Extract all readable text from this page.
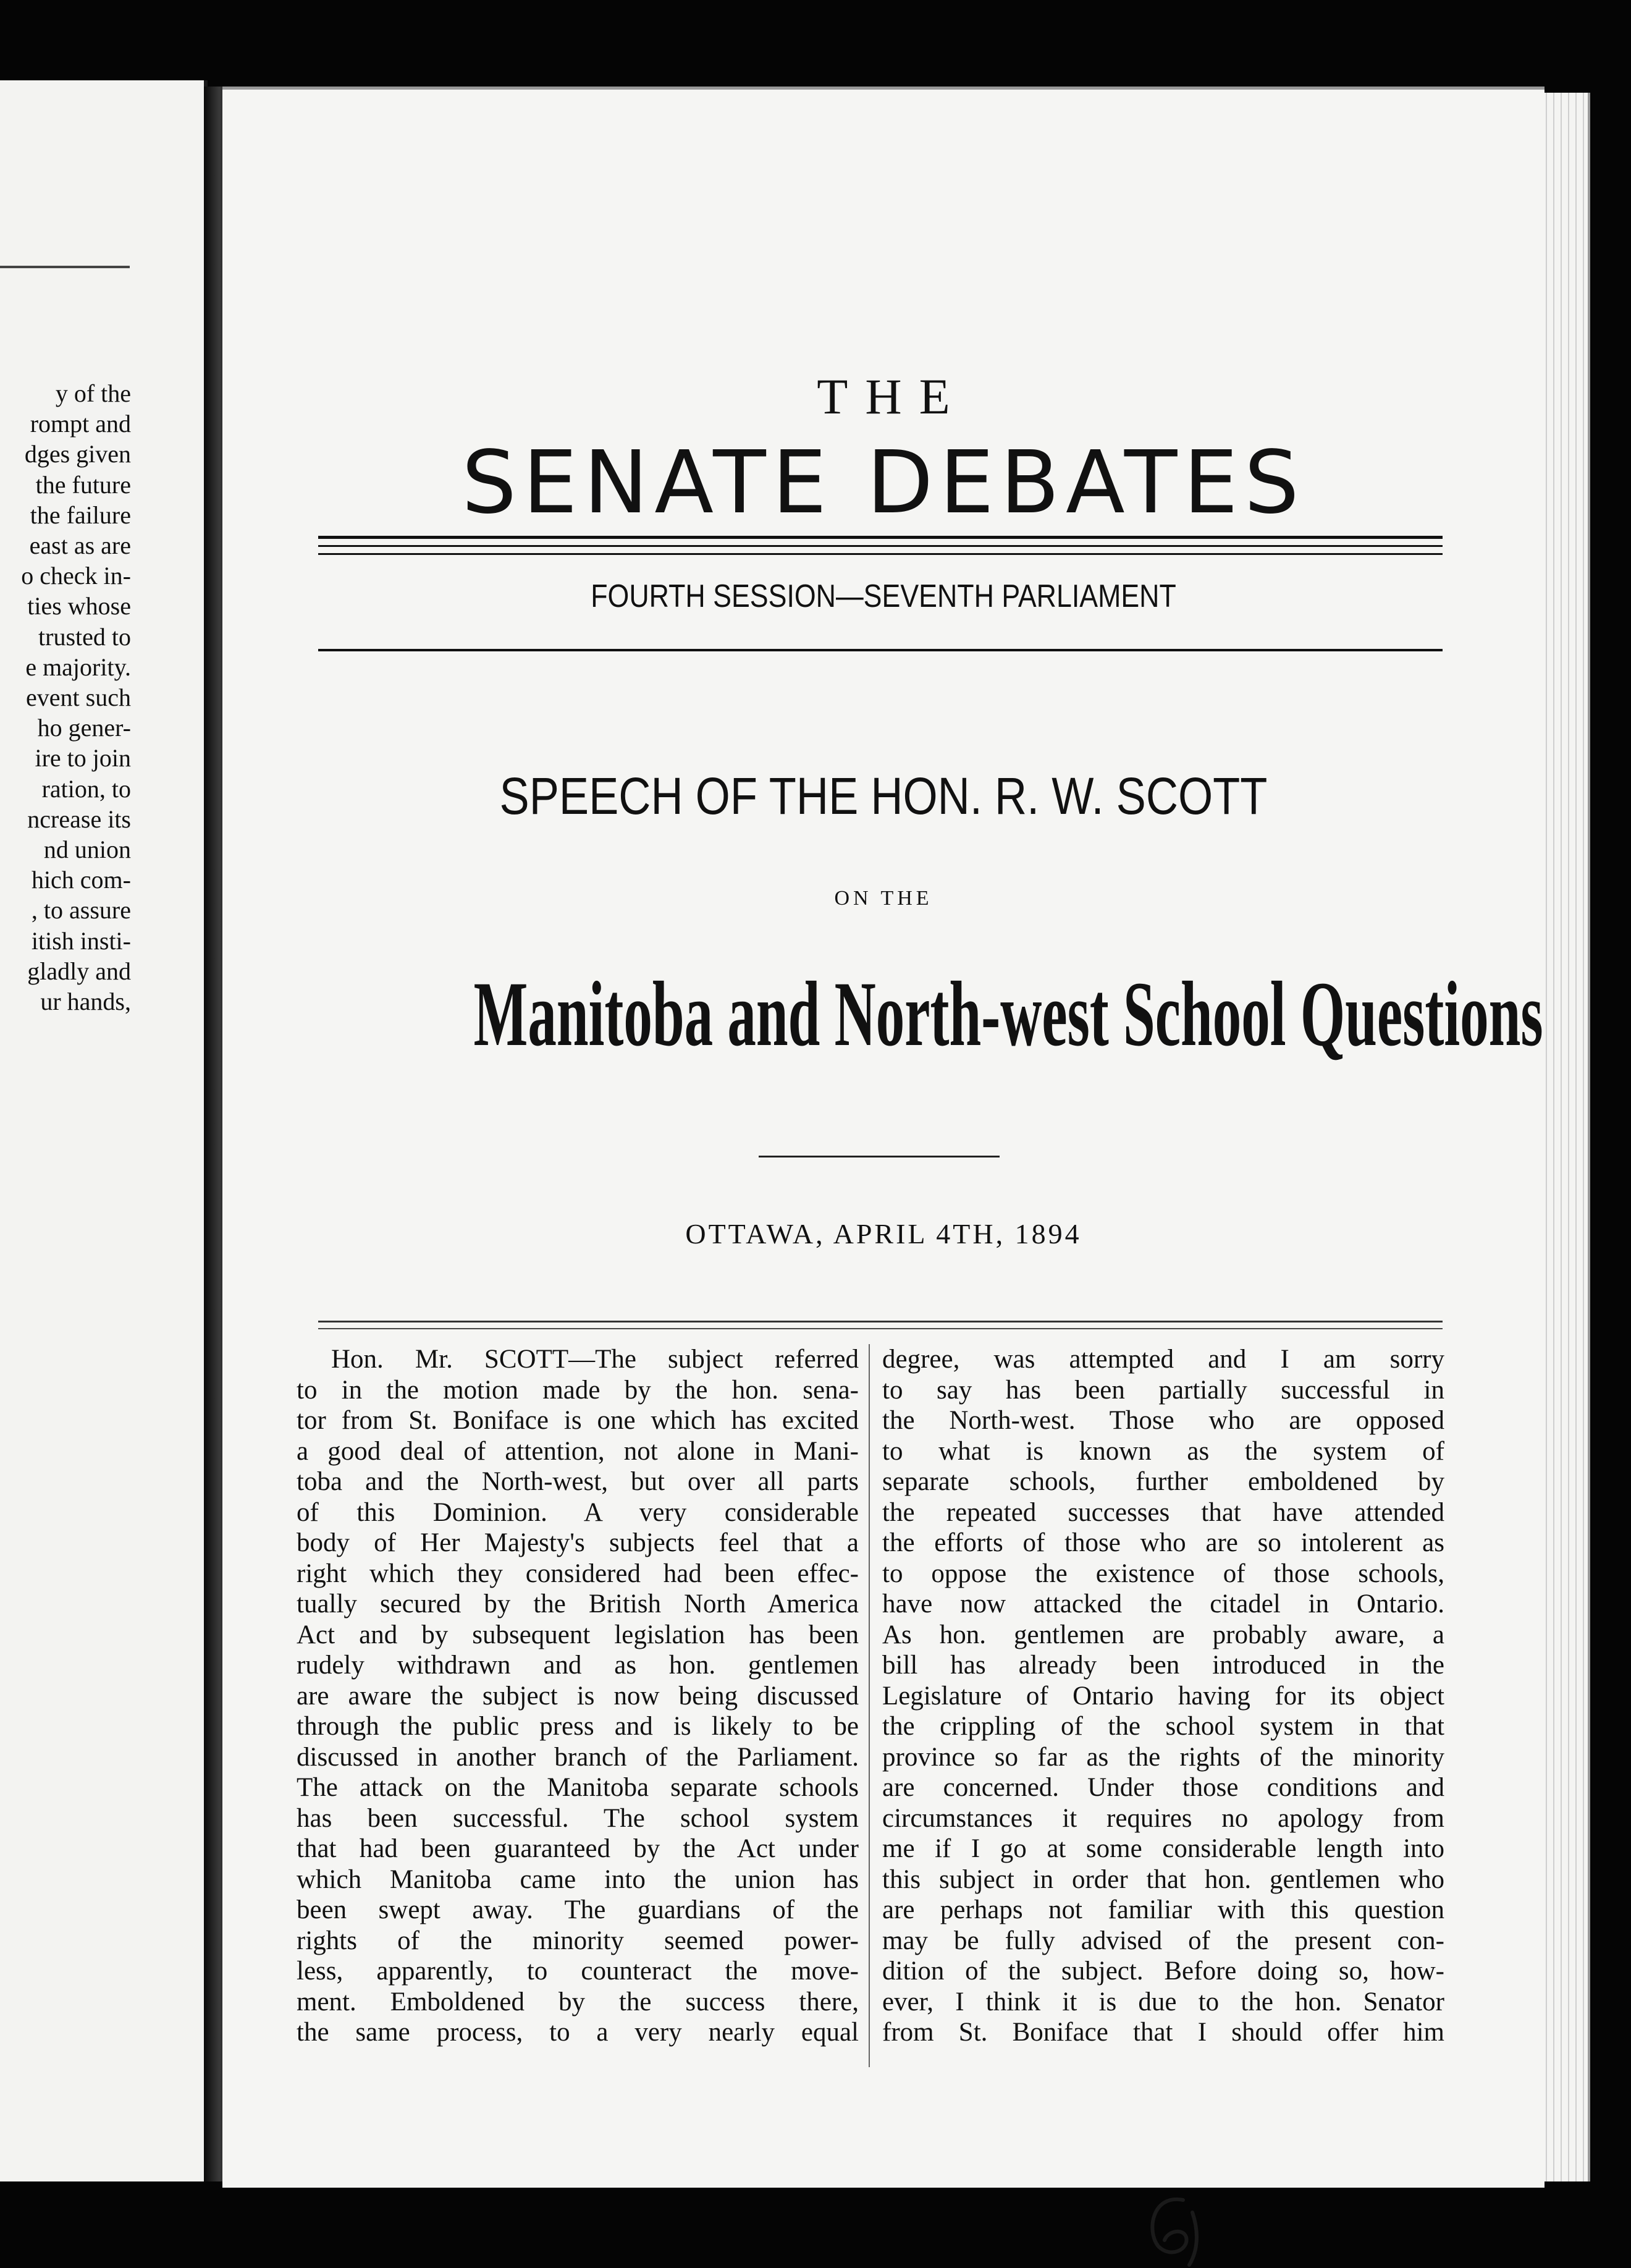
y of the
rompt and
dges given
the future
the failure
east as are
o check in-
ties whose
trusted to
e majority.
event such
ho gener-
ire to join
ration, to
ncrease its
nd union
hich com-
, to assure
itish insti-
gladly and
ur hands,
THE
SENATE DEBATES
FOURTH SESSION—SEVENTH PARLIAMENT
SPEECH OF THE HON. R. W. SCOTT
ON THE
Manitoba and North-west School Questions
OTTAWA, APRIL 4TH, 1894
Hon. Mr. SCOTT—The subject referred
to in the motion made by the hon. sena-
tor from St. Boniface is one which has excited
a good deal of attention, not alone in Mani-
toba and the North-west, but over all parts
of this Dominion. A very considerable
body of Her Majesty's subjects feel that a
right which they considered had been effec-
tually secured by the British North America
Act and by subsequent legislation has been
rudely withdrawn and as hon. gentlemen
are aware the subject is now being discussed
through the public press and is likely to be
discussed in another branch of the Parliament.
The attack on the Manitoba separate schools
has been successful. The school system
that had been guaranteed by the Act under
which Manitoba came into the union has
been swept away. The guardians of the
rights of the minority seemed power-
less, apparently, to counteract the move-
ment. Emboldened by the success there,
the same process, to a very nearly equal
degree, was attempted and I am sorry
to say has been partially successful in
the North-west. Those who are opposed
to what is known as the system of
separate schools, further emboldened by
the repeated successes that have attended
the efforts of those who are so intolerent as
to oppose the existence of those schools,
have now attacked the citadel in Ontario.
As hon. gentlemen are probably aware, a
bill has already been introduced in the
Legislature of Ontario having for its object
the crippling of the school system in that
province so far as the rights of the minority
are concerned. Under those conditions and
circumstances it requires no apology from
me if I go at some considerable length into
this subject in order that hon. gentlemen who
are perhaps not familiar with this question
may be fully advised of the present con-
dition of the subject. Before doing so, how-
ever, I think it is due to the hon. Senator
from St. Boniface that I should offer him
